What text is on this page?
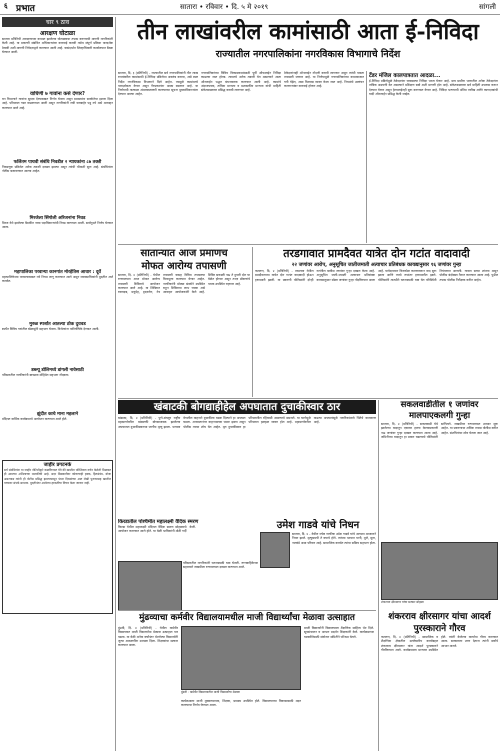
६ प्रभात	सातारा • रविवार • दि. ५ मे २०१९	सांगली
चार ९ ठाव
आरक्षण घोटाळा
सातारा प्रतिनिधी आरक्षणाच्या कामात झालेल्या घोटाळ्याचा तपास करण्याची मागणी नागरिकांनी केली आहे. या प्रकरणी संबंधित अधिकाऱ्यांवर कारवाई करावी तसेच संपूर्ण प्रक्रिया पारदर्शक ठेवावी अशी मागणी निवेदनाद्वारे करण्यात आली आहे. यासंदर्भात जिल्हाधिकारी कार्यालयात बैठक घेण्यात आली.
वाघिणी ७ गावांना कसे देणार?
वन विभागाने गावांना सुरक्षा देण्याबाबत निर्णय घेतला असून ग्रामस्थांना सतर्कतेचा इशारा दिला आहे. परिसरात गस्त वाढवण्यात आली असून नागरिकांनी रात्री घराबाहेर पडू नये असे आवाहन करण्यात आले आहे.
फलिंतम पाचवी संबंधि निवडीत २ न्यायकांना ८७ तक्ती
निवडणूक प्रक्रियेत अनेक तक्रारी दाखल झाल्या असून त्यांची चौकशी सुरू आहे. संबंधितांना नोटीस बजावण्यात आल्या आहेत.
मिरजेला सिंगोली अरिजनांना निवड
मिरज येथे झालेल्या बैठकीत नव्या पदाधिकाऱ्यांची निवड करण्यात आली. सर्वानुमते निर्णय घेण्यात आला.
महापालिका परवान्या कानगांत मोरहेतिस आधार : दूर्वे
महापालिकेच्या परवान्याबाबत नवे नियम लागू करण्यात आले असून व्यावसायिकांनी मुदतीत अर्ज करावेत.
मुरुळ स्पर्शात आतल्या ठोक दुधवड
स्पर्धेत विविध गटांतील खेळाडूंनी सहभाग घेतला. विजेत्यांना पारितोषिके देण्यात आली.
डब्ल्यू डोलिमध्ये डांगली नावेसाठी
परिसरातील नागरिकांनी स्वच्छता मोहिमेत सहभाग नोंदवला.
झुंदीत काचे माना महलाने
मंदिरात धार्मिक कार्यक्रमाचे आयोजन करण्यात आले होते.
जाहीर प्रगटनके
सर्व संबंधितांना या जाहीर नोटिशीद्वारे कळविण्यात येते की खालील परिशिष्टात वर्णन केलेली मिळकत ही आमच्या अशिलाच्या मालकीची आहे. सदर मिळकतीवर कोणाचाही हक्क, हितसंबंध, बोजा असल्यास त्यांनी ही नोटीस प्रसिद्ध झाल्यापासून पंधरा दिवसांच्या आत लेखी पुराव्यासह खालील पत्त्यावर संपर्क साधावा. मुदतीनंतर आलेल्या हरकतींचा विचार केला जाणार नाही.
तीन लाखांवरील कामांसाठी आता ई-निविदा
राज्यातील नगरपालिकांना नगरविकास विभागाचे निर्देश
सातारा, दि. ३ (प्रतिनिधी) - राज्यातील सर्व नगरपालिकांनी तीन लाख रुपयांवरील कामांसाठी ई-निविदा प्रक्रियेचा अवलंब करावा, असे स्पष्ट निर्देश नगरविकास विभागाने दिले आहेत. त्यामुळे कामांमध्ये पारदर्शकता येणार असून गैरप्रकारांना आळा बसणार आहे. या निर्णयाची तात्काळ अंमलबजावणी करण्याच्या सूचना मुख्याधिकाऱ्यांना देण्यात आल्या आहेत.
नगरपालिकांच्या विविध विकासकामांसाठी पूर्वी ऑफलाईन निविदा काढल्या जात होत्या. त्यामध्ये अनेक तक्रारी येत असल्याने आता ऑनलाईन पद्धत बंधनकारक करण्यात आली आहे. कामांचे अंदाजपत्रक, तांत्रिक मान्यता व प्रशासकीय मान्यता यांची माहिती संकेतस्थळावर प्रसिद्ध करावी लागणार आहे.
ठेकेदारांनाही ऑनलाईन नोंदणी करावी लागणार असून त्यांची पात्रता तपासली जाणार आहे. या निर्णयामुळे नगरपालिकांच्या कामकाजात गती येईल, असा विश्वास व्यक्त केला जात आहे. नियमांचे उल्लंघन करणाऱ्यांवर कारवाई होणार आहे.
टेंडर मंजिल कालपात्रतात आदळा...
ई-निविदा प्रक्रियेमुळे ठेकेदारांना घरबसल्या निविदा भरता येणार आहे. मात्र ग्रामीण भागातील अनेक ठेकेदारांना तांत्रिक अडचणी येत असल्याने प्रशिक्षण द्यावे अशी मागणी होत आहे. संकेतस्थळावर सर्व माहिती उपलब्ध करून देण्यात येणार असून हेल्पलाईनही सुरू करण्यात येणार आहे. निविदा भरण्याची अंतिम तारीख आणि कागदपत्रांची यादी ऑनलाईन प्रसिद्ध केली जाईल.
सातान्यात आज प्रमाणच
मोफत आरोग्य तपासणी
सातारा, दि. ४ (प्रतिनिधी) - येथील रुग्णालयात आज मोफत आरोग्य तपासणी शिबिराचे आयोजन करण्यात आले आहे. या शिबिरात रक्तदाब, मधुमेह, हृदयरोग, नेत्र तपासणी यासह विविध तपासण्या विनामूल्य करण्यात येणार आहेत. नागरिकांनी मोठ्या संख्येने उपस्थित राहून शिबिराचा लाभ घ्यावा असे आवाहन आयोजकांनी केले आहे. शिबिर सकाळी नऊ ते दुपारी दोन या वेळेत होणार असून तज्ज्ञ डॉक्टरांचे पथक उपस्थित राहणार आहे.
तरडगावात प्रामदैवत यात्रेत दोन गटांत वादावादी
२२ जणांवर आरोप, अनुसूचित जातीजमाती अत्याचार प्रतिबंधक कायद्यानुसार १६ जणांवर गुन्हा
फलटण, दि. ४ (प्रतिनिधी) - तरडगाव येथील ग्रामदैवताच्या यात्रेत दोन गटांत वादावादी होऊन हाणामारी झाली. या प्रकरणी पोलिसांनी दोन्ही गटांतील बावीस जणांवर गुन्हा दाखल केला आहे. अनुसूचित जाती-जमाती अत्याचार प्रतिबंधक कायद्यानुसार सोळा जणांवर गुन्हा नोंदविण्यात आला आहे. यात्रेदरम्यान किरकोळ कारणावरून वाद सुरू झाला आणि त्याचे रूपांतर हाणामारीत झाले. पोलिसांनी तातडीने घटनास्थळी धाव घेत परिस्थिती नियंत्रणात आणली. गावात सध्या शांतता असून पोलीस बंदोबस्त तैनात करण्यात आला आहे. पुढील तपास पोलीस निरीक्षक करीत आहेत.
खंबाटकी बोगद्याहीहेल अपघातात दुचाकीस्वार ठार
खंडाळा, दि. ४ (प्रतिनिधी) - पुणे-बंगळूर राष्ट्रीय महामार्गावरील खंबाटकी बोगद्याजवळ झालेल्या अपघातात दुचाकीस्वाराचा जागीच मृत्यू झाला. भरधाव वेगातील वाहनाने दुचाकीला धडक दिल्याने हा अपघात घडला. अपघातानंतर वाहनचालक पसार झाला असून पोलीस त्याचा शोध घेत आहेत. मृत दुचाकीस्वार हा परिसरातील रहिवासी असल्याचे समजते. या घटनेमुळे परिसरात हळहळ व्यक्त होत आहे. महामार्गावरील वाढत्या अपघातांमुळे नागरिकांमध्ये चिंतेचे वातावरण आहे.
सकलवाडीतील १ जणांवर मालपाएकलगी गुन्हा
सातारा, दि. ४ (प्रतिनिधी) - सकलवाडी येथे झालेल्या वादातून एकावर हल्ला केल्याप्रकरणी नऊ जणांवर गुन्हा दाखल करण्यात आला आहे. जमिनीच्या वादातून हा प्रकार घडल्याचे पोलिसांनी सांगितले. जखमीवर रुग्णालयात उपचार सुरू आहेत. या प्रकरणाचा अधिक तपास पोलीस करीत आहेत. संशयितांचा शोध घेतला जात आहे.
शंकरराव क्षीरसागर यांचा सत्कार सोहळा
शंकरराव क्षीरसागर यांचा आदर्श पुरस्काराने गौरव
फलटण, दि. ४ (प्रतिनिधी) - सामाजिक व शैक्षणिक क्षेत्रातील उल्लेखनीय कार्याबद्दल शंकरराव क्षीरसागर यांना आदर्श पुरस्काराने गौरविण्यात आले. कार्यक्रमाला मान्यवर उपस्थित होते. त्यांनी केलेल्या कार्याचा गौरव करण्यात आला. सत्काराला उत्तर देताना त्यांनी सर्वांचे आभार मानले.
किरडातील पश्चिमीत महालक्ष्मी वैदिक स्मरण
किरडा येथील महालक्ष्मी मंदिरात वैदिक स्मरण सोहळ्याचे आयोजन करण्यात आले होते. या वेळी भाविकांनी मोठी गर्दी केली.
परिसरातील नागरिकांनी घटनास्थळी धाव घेतली. रुग्णवाहिकेच्या सहाय्याने जखमीला रुग्णालयात दाखल करण्यात आले.
उमेश गाडवे यांचे निधन
सातारा, दि. ४ - येथील ज्येष्ठ नागरिक उमेश गाडवे यांचे अल्पशा आजाराने निधन झाले. मृत्युसमयी ते वयाचे होते. त्यांच्या पश्चात पत्नी, मुले, सुना, नातवंडे असा परिवार आहे. सामाजिक कार्यात त्यांचा सक्रिय सहभाग होता.
मुंढव्याचा कर्मवीर विद्यालयामधील माजी विद्यार्थ्यांचा मेळावा उत्साहात
मुंढवी, दि. ४ (प्रतिनिधी) - येथील कर्मवीर विद्यालयात माजी विद्यार्थ्यांचा मेळावा उत्साहात पार पडला. या वेळी अनेक वर्षांनंतर भेटलेल्या विद्यार्थ्यांनी जुन्या आठवणींना उजाळा दिला. शिक्षकांचा सत्कार करण्यात आला.
मुंढवी : कर्मवीर विद्यालयातील माजी विद्यार्थ्यांचा मेळावा
कार्यक्रमाला माजी मुख्याध्यापक, शिक्षक, ग्रामस्थ उपस्थित होते. विद्यालयाच्या विकासासाठी मदत करण्याचा निर्णय घेण्यात आला.
माजी विद्यार्थ्यांनी विद्यालयाला शैक्षणिक साहित्य भेट दिले. सूत्रसंचालन व आभार प्रदर्शन शिक्षकांनी केले. कार्यक्रमाच्या यशस्वीतेसाठी संयोजन समितीने परिश्रम घेतले.
